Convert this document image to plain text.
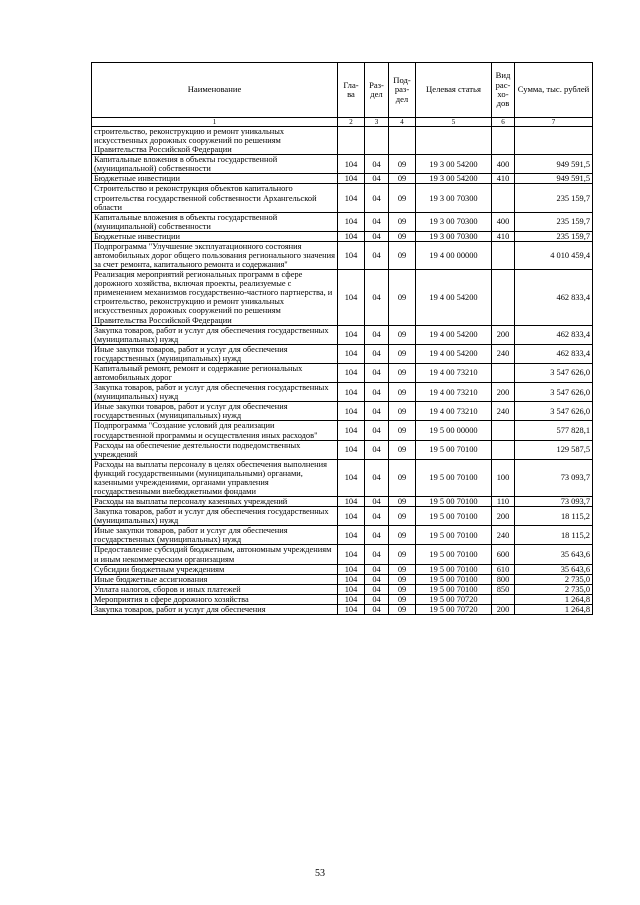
Наименование	Гла-ва	Раз-дел	Под-раз-дел	Целевая статья	Вид рас-хо-дов	Сумма, тыс. рублей
1	2	3	4	5	6	7
строительство, реконструкцию и ремонт уникальных искусственных дорожных сооружений по решениям Правительства Российской Федерации						
Капитальные вложения в объекты государственной (муниципальной) собственности	104	04	09	19 3 00 54200	400	949 591,5
Бюджетные инвестиции	104	04	09	19 3 00 54200	410	949 591,5
Строительство и реконструкция объектов капитального строительства государственной собственности Архангельской области	104	04	09	19 3 00 70300		235 159,7
Капитальные вложения в объекты государственной (муниципальной) собственности	104	04	09	19 3 00 70300	400	235 159,7
Бюджетные инвестиции	104	04	09	19 3 00 70300	410	235 159,7
Подпрограмма "Улучшение эксплуатационного состояния автомобильных дорог общего пользования регионального значения за счет ремонта, капитального ремонта и содержания"	104	04	09	19 4 00 00000		4 010 459,4
Реализация мероприятий региональных программ в сфере дорожного хозяйства, включая проекты, реализуемые с применением механизмов государственно-частного партнерства, и строительство, реконструкцию и ремонт уникальных искусственных дорожных сооружений по решениям Правительства Российской Федерации	104	04	09	19 4 00 54200		462 833,4
Закупка товаров, работ и услуг для обеспечения государственных (муниципальных) нужд	104	04	09	19 4 00 54200	200	462 833,4
Иные закупки товаров, работ и услуг для обеспечения государственных (муниципальных) нужд	104	04	09	19 4 00 54200	240	462 833,4
Капитальный ремонт, ремонт и содержание региональных автомобильных дорог	104	04	09	19 4 00 73210		3 547 626,0
Закупка товаров, работ и услуг для обеспечения государственных (муниципальных) нужд	104	04	09	19 4 00 73210	200	3 547 626,0
Иные закупки товаров, работ и услуг для обеспечения государственных (муниципальных) нужд	104	04	09	19 4 00 73210	240	3 547 626,0
Подпрограмма "Создание условий для реализации государственной программы и осуществления иных расходов"	104	04	09	19 5 00 00000		577 828,1
Расходы на обеспечение деятельности подведомственных учреждений	104	04	09	19 5 00 70100		129 587,5
Расходы на выплаты персоналу в целях обеспечения выполнения функций государственными (муниципальными) органами, казенными учреждениями, органами управления государственными внебюджетными фондами	104	04	09	19 5 00 70100	100	73 093,7
Расходы на выплаты персоналу казенных учреждений	104	04	09	19 5 00 70100	110	73 093,7
Закупка товаров, работ и услуг для обеспечения государственных (муниципальных) нужд	104	04	09	19 5 00 70100	200	18 115,2
Иные закупки товаров, работ и услуг для обеспечения государственных (муниципальных) нужд	104	04	09	19 5 00 70100	240	18 115,2
Предоставление субсидий бюджетным, автономным учреждениям и иным некоммерческим организациям	104	04	09	19 5 00 70100	600	35 643,6
Субсидии бюджетным учреждениям	104	04	09	19 5 00 70100	610	35 643,6
Иные бюджетные ассигнования	104	04	09	19 5 00 70100	800	2 735,0
Уплата налогов, сборов и иных платежей	104	04	09	19 5 00 70100	850	2 735,0
Мероприятия в сфере дорожного хозяйства	104	04	09	19 5 00 70720		1 264,8
Закупка товаров, работ и услуг для обеспечения	104	04	09	19 5 00 70720	200	1 264,8
53
